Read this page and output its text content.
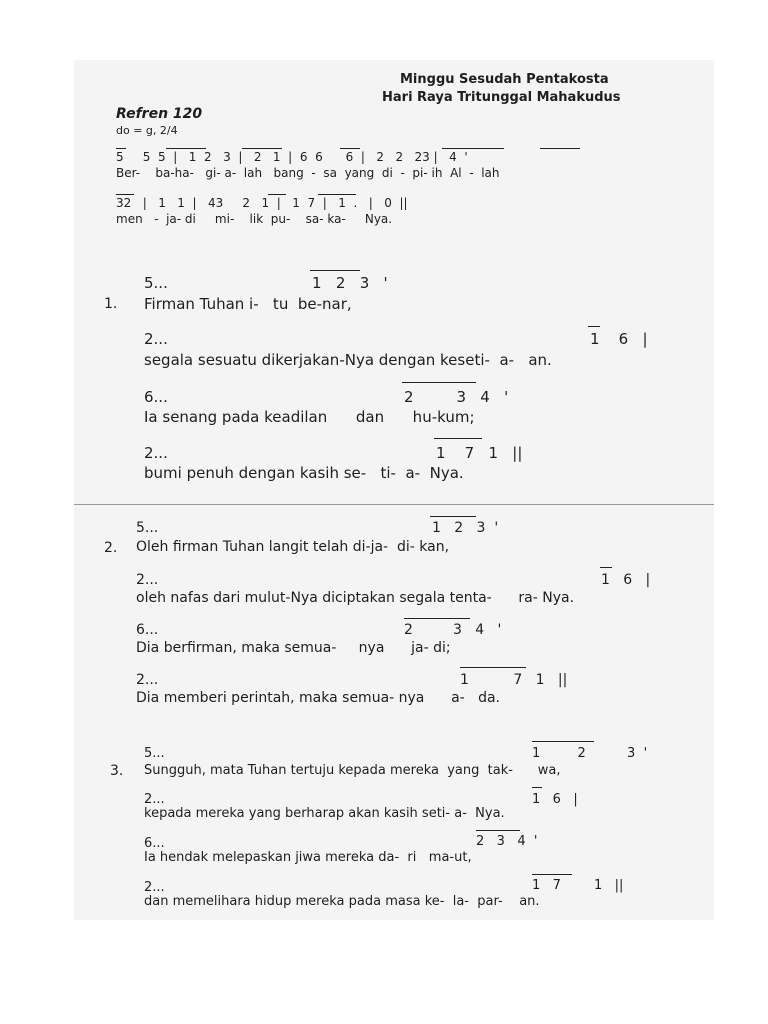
Minggu Sesudah Pentakosta
Hari Raya Tritunggal Mahakudus
Refren 120
do = g, 2/4
5     5  5  |   1  2   3  |   2   1  |  6  6      6  |   2   2   23 |   4  '
Ber-    ba-ha-   gi- a-  lah   bang  -  sa  yang  di  -  pi- ih  Al  -  lah
32   |   1   1  |   43     2   1  |   1  7  |   1  .   |   0  ||
men   -  ja- di     mi-    lik  pu-    sa- ka-     Nya.
5...	1   2   3   '
1. Firman Tuhan i-   tu  be-nar,
2...	1    6   |
segala sesuatu dikerjakan-Nya dengan keseti-  a-   an.
6...	2         3   4   '
Ia senang pada keadilan      dan      hu-kum;
2...	1    7   1   ||
bumi penuh dengan kasih se-   ti-  a-  Nya.
5...	1   2   3  '
2. Oleh firman Tuhan langit telah di-ja-  di- kan,
2...	1   6   |
oleh nafas dari mulut-Nya diciptakan segala tenta-      ra- Nya.
6...	2         3   4   '
Dia berfirman, maka semua-     nya      ja- di;
2...	1          7   1   ||
Dia memberi perintah, maka semua- nya      a-   da.
5...	1         2          3  '
3. Sungguh, mata Tuhan tertuju kepada mereka  yang  tak-      wa,
2...	1   6   |
kepada mereka yang berharap akan kasih seti- a-  Nya.
6...	2   3   4  '
Ia hendak melepaskan jiwa mereka da-  ri   ma-ut,
2...	1   7        1   ||
dan memelihara hidup mereka pada masa ke-  la-  par-    an.
